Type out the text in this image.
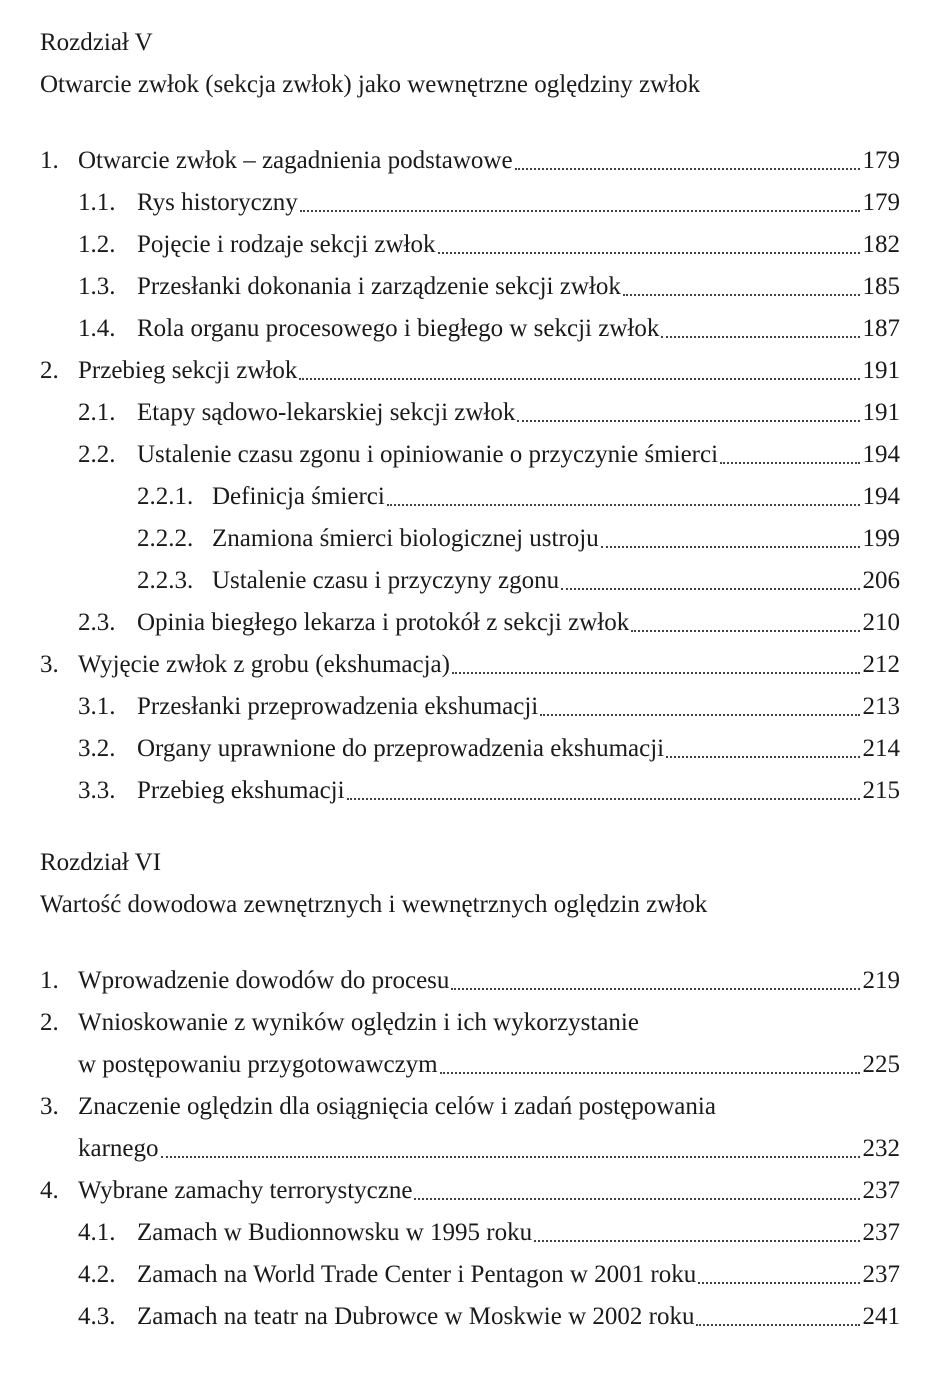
Rozdział V
Otwarcie zwłok (sekcja zwłok) jako wewnętrzne oględziny zwłok
1. Otwarcie zwłok – zagadnienia podstawowe	179
1.1. Rys historyczny	179
1.2. Pojęcie i rodzaje sekcji zwłok	182
1.3. Przesłanki dokonania i zarządzenie sekcji zwłok	185
1.4. Rola organu procesowego i biegłego w sekcji zwłok	187
2. Przebieg sekcji zwłok	191
2.1. Etapy sądowo-lekarskiej sekcji zwłok	191
2.2. Ustalenie czasu zgonu i opiniowanie o przyczynie śmierci	194
2.2.1. Definicja śmierci	194
2.2.2. Znamiona śmierci biologicznej ustroju	199
2.2.3. Ustalenie czasu i przyczyny zgonu	206
2.3. Opinia biegłego lekarza i protokół z sekcji zwłok	210
3. Wyjęcie zwłok z grobu (ekshumacja)	212
3.1. Przesłanki przeprowadzenia ekshumacji	213
3.2. Organy uprawnione do przeprowadzenia ekshumacji	214
3.3. Przebieg ekshumacji	215
Rozdział VI
Wartość dowodowa zewnętrznych i wewnętrznych oględzin zwłok
1. Wprowadzenie dowodów do procesu	219
2. Wnioskowanie z wyników oględzin i ich wykorzystanie
w postępowaniu przygotowawczym	225
3. Znaczenie oględzin dla osiągnięcia celów i zadań postępowania
karnego	232
4. Wybrane zamachy terrorystyczne	237
4.1. Zamach w Budionnowsku w 1995 roku	237
4.2. Zamach na World Trade Center i Pentagon w 2001 roku	237
4.3. Zamach na teatr na Dubrowce w Moskwie w 2002 roku	241
